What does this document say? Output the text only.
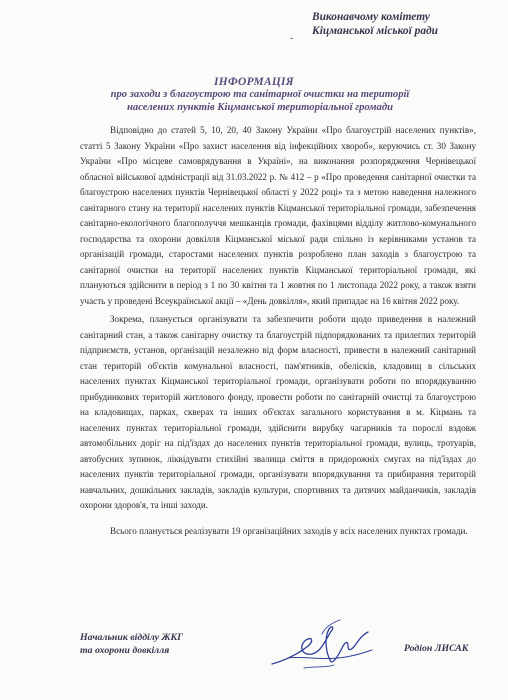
Виконавчому комітету
Кіцманської міської ради
-
ІНФОРМАЦІЯ
про заходи з благоустрою та санітарної очистки на території населених пунктів Кіцманської територіальної громади

Відповідно до статей 5, 10, 20, 40 Закону України «Про благоустрій населених пунктів», статті 5 Закону України «Про захист населення від інфекційних хвороб», керуючись ст. 30 Закону України «Про місцеве самоврядування в Україні», на виконання розпорядження Чернівецької обласної військової адміністрації від 31.03.2022 р. № 412 – р «Про проведення санітарної очистки та благоустрою населених пунктів Чернівецької області у 2022 році» та з метою наведення належного санітарного стану на території населених пунктів Кіцманської територіальної громади, забезпечення санітарно-екологічного благополуччя мешканців громади, фахівцями відділу житлово-комунального господарства та охорони довкілля Кіцманської міської ради спільно із керівниками установ та організацій громади, старостами населених пунктів розроблено план заходів з благоустрою та санітарної очистки на території населених пунктів Кіцманської територіальної громади, які плануються здійснити в період з 1 по 30 квітня та 1 жовтня по 1 листопада 2022 року, а також взяти участь у проведені Всеукраїнської акції – «День довкілля», який припадає на 16 квітня 2022 року.

Зокрема, планується організувати та забезпечити роботи щодо приведення в належний санітарний стан, а також санітарну очистку та благоустрій підпорядкованих та прилеглих територій підприємств, установ, організацій незалежно від форм власності, привести в належний санітарний стан територій об'єктів комунальної власності, пам'ятників, обелісків, кладовищ в сільських населених пунктах Кіцманської територіальної громади, організувати роботи по впорядкуванню прибудинкових територій житлового фонду, провести роботи по санітарній очистці та благоустрою на кладовищах, парках, скверах та інших об'єктах загального користування в м. Кіцмань та населених пунктах територіальної громади, здійснити вирубку чагарників та порослі вздовж автомобільних доріг на під'їздах до населених пунктів територіальної громади, вулиць, тротуарів, автобусних зупинок, ліквідувати стихійні звалища сміття в придорожніх смугах на під'їздах до населених пунктів територіальної громади, організувати впорядкування та прибирання територій навчальних, дошкільних закладів, закладів культури, спортивних та дитячих майданчиків, закладів охорони здоров'я, та інші заходи.

Всього планується реалізувати 19 організаційних заходів у всіх населених пунктах громади.

Начальник відділу ЖКГ
та охорони довкілля	Родіон ЛИСАК
